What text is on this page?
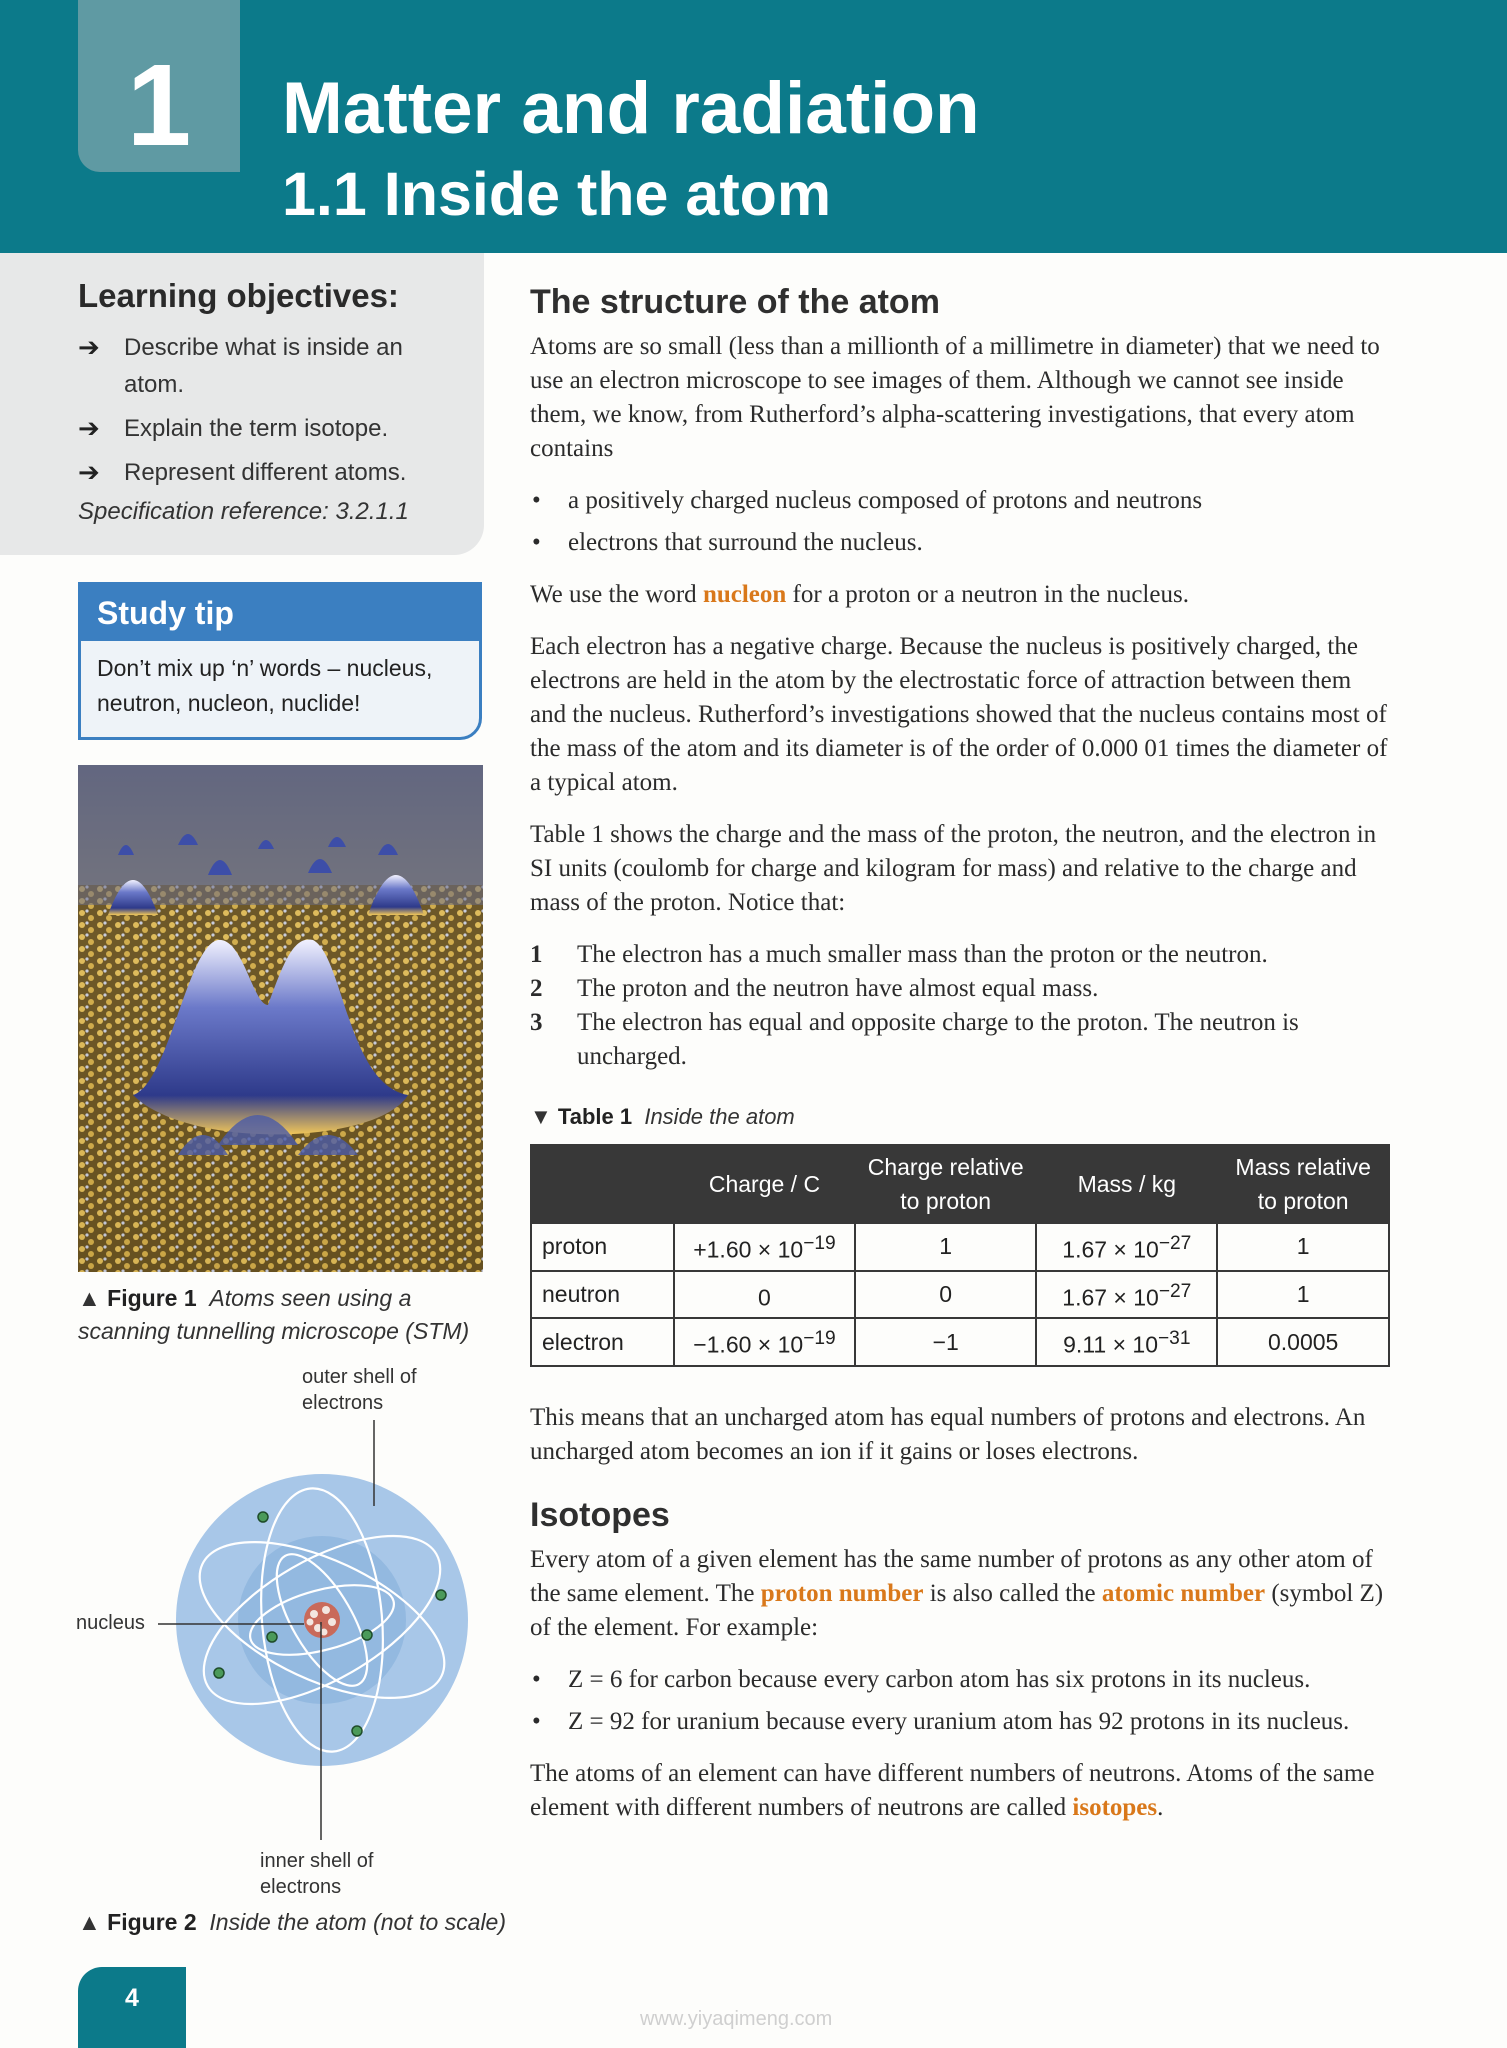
1	Matter and radiation
1.1 Inside the atom
Learning objectives:
➔ Describe what is inside an atom.
➔ Explain the term isotope.
➔ Represent different atoms.
Specification reference: 3.2.1.1
Study tip
Don’t mix up ‘n’ words – nucleus, neutron, nucleon, nuclide!
▲ Figure 1 Atoms seen using a scanning tunnelling microscope (STM)
outer shell of electrons
nucleus
inner shell of electrons
▲ Figure 2 Inside the atom (not to scale)
The structure of the atom

Atoms are so small (less than a millionth of a millimetre in diameter) that we need to use an electron microscope to see images of them. Although we cannot see inside them, we know, from Rutherford’s alpha-scattering investigations, that every atom contains

• a positively charged nucleus composed of protons and neutrons
• electrons that surround the nucleus.

We use the word nucleon for a proton or a neutron in the nucleus.

Each electron has a negative charge. Because the nucleus is positively charged, the electrons are held in the atom by the electrostatic force of attraction between them and the nucleus. Rutherford’s investigations showed that the nucleus contains most of the mass of the atom and its diameter is of the order of 0.000 01 times the diameter of a typical atom.

Table 1 shows the charge and the mass of the proton, the neutron, and the electron in SI units (coulomb for charge and kilogram for mass) and relative to the charge and mass of the proton. Notice that:

1 The electron has a much smaller mass than the proton or the neutron.
2 The proton and the neutron have almost equal mass.
3 The electron has equal and opposite charge to the proton. The neutron is uncharged.
▼ Table 1 Inside the atom
	Charge / C	Charge relative to proton	Mass / kg	Mass relative to proton
proton	$+1.60 \times 10^{-19}$	1	$1.67 \times 10^{-27}$	1
neutron	0	0	$1.67 \times 10^{-27}$	1
electron	$-1.60 \times 10^{-19}$	−1	$9.11 \times 10^{-31}$	0.0005

This means that an uncharged atom has equal numbers of protons and electrons. An uncharged atom becomes an ion if it gains or loses electrons.

Isotopes

Every atom of a given element has the same number of protons as any other atom of the same element. The proton number is also called the atomic number (symbol Z) of the element. For example:

• Z = 6 for carbon because every carbon atom has six protons in its nucleus.
• Z = 92 for uranium because every uranium atom has 92 protons in its nucleus.

The atoms of an element can have different numbers of neutrons. Atoms of the same element with different numbers of neutrons are called isotopes.

4
www.yiyaqimeng.com
